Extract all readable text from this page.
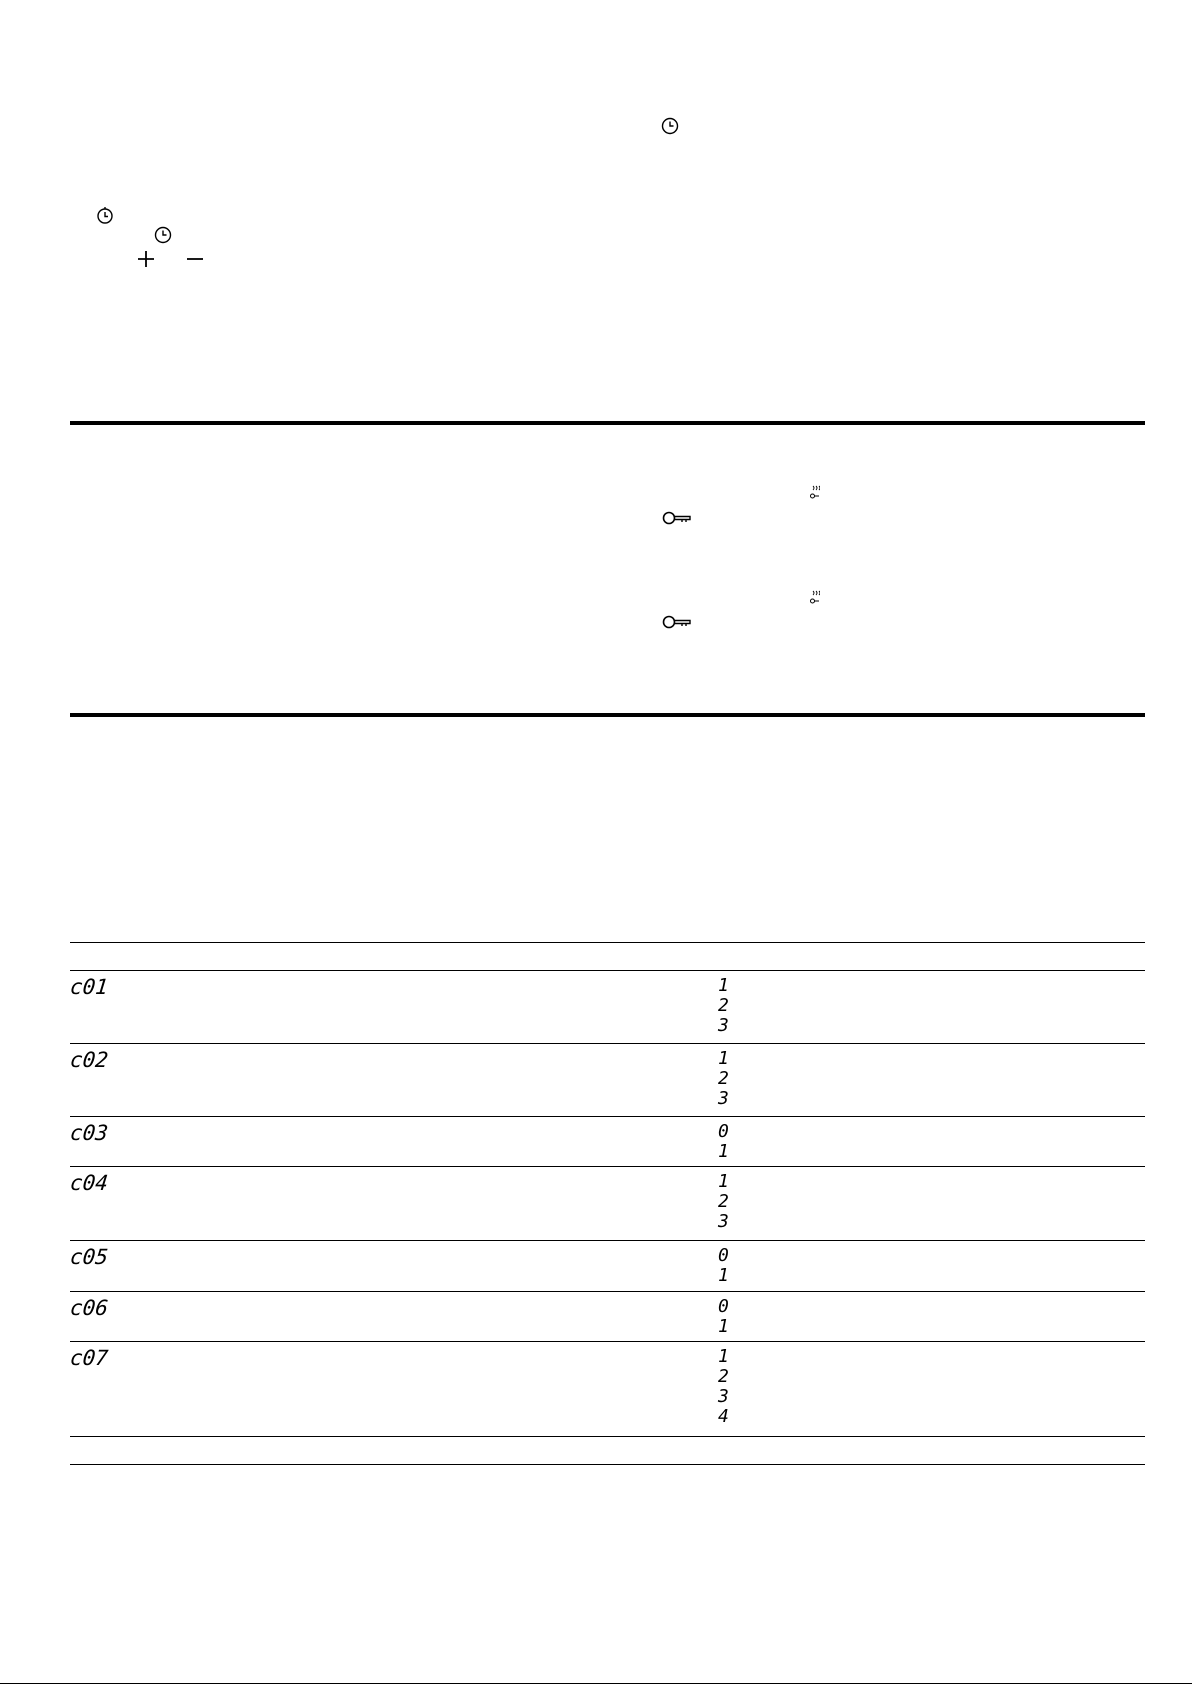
c01	1
2
3
c02	1
2
3
c03	0
1
c04	1
2
3
c05	0
1
c06	0
1
c07	1
2
3
4
